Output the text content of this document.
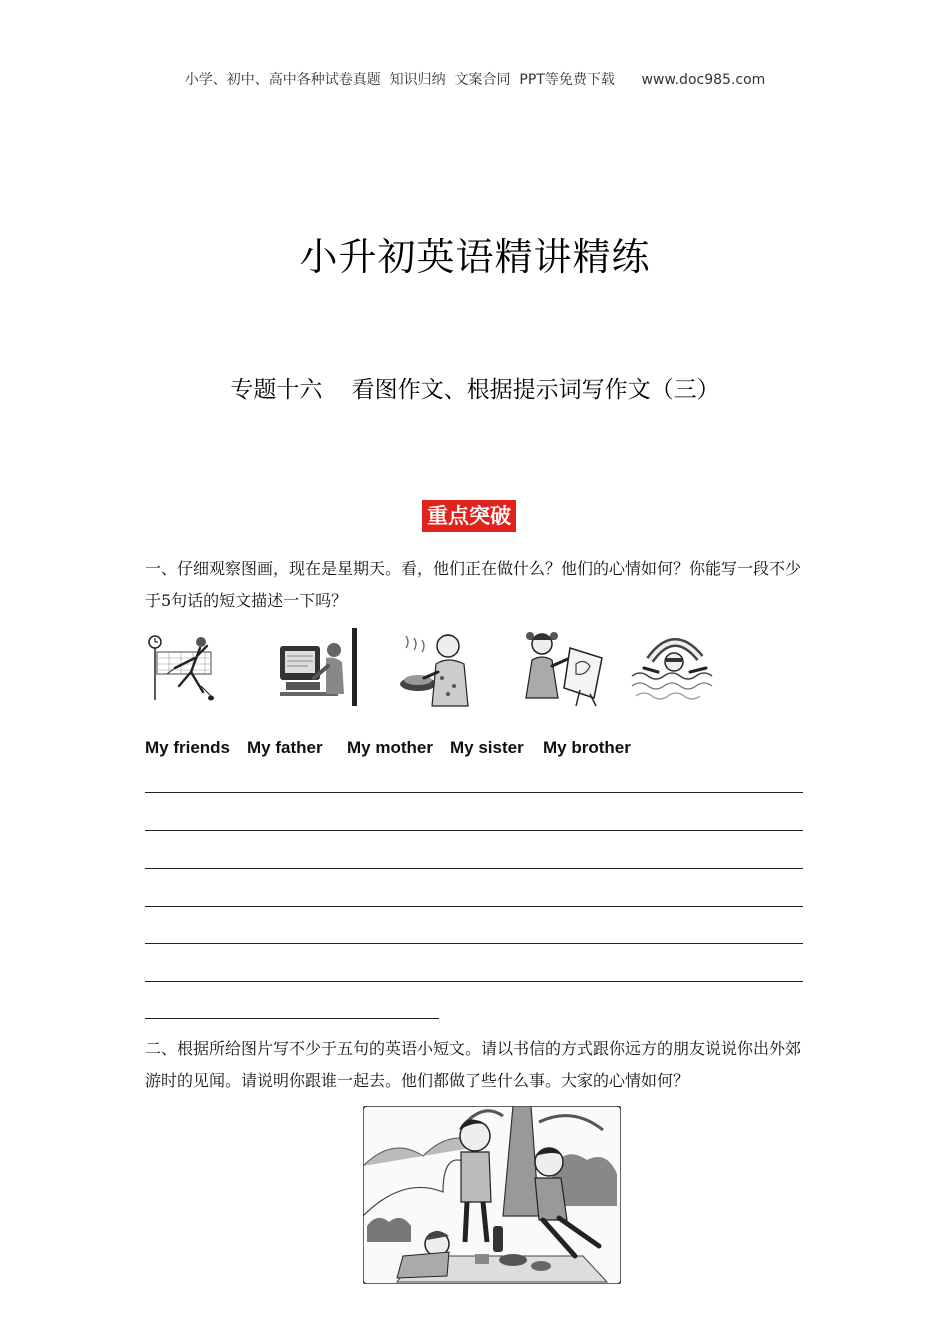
小学、初中、高中各种试卷真题  知识归纳  文案合同  PPT等免费下载      www.doc985.com
小升初英语精讲精练
专题十六    看图作文、根据提示词写作文（三）
重点突破
一、仔细观察图画，现在是星期天。看，他们正在做什么？他们的心情如何？你能写一段不少于5句话的短文描述一下吗？
My friends My father My mother My sister My brother
二、根据所给图片写不少于五句的英语小短文。请以书信的方式跟你远方的朋友说说你出外郊游时的见闻。请说明你跟谁一起去。他们都做了些什么事。大家的心情如何？
